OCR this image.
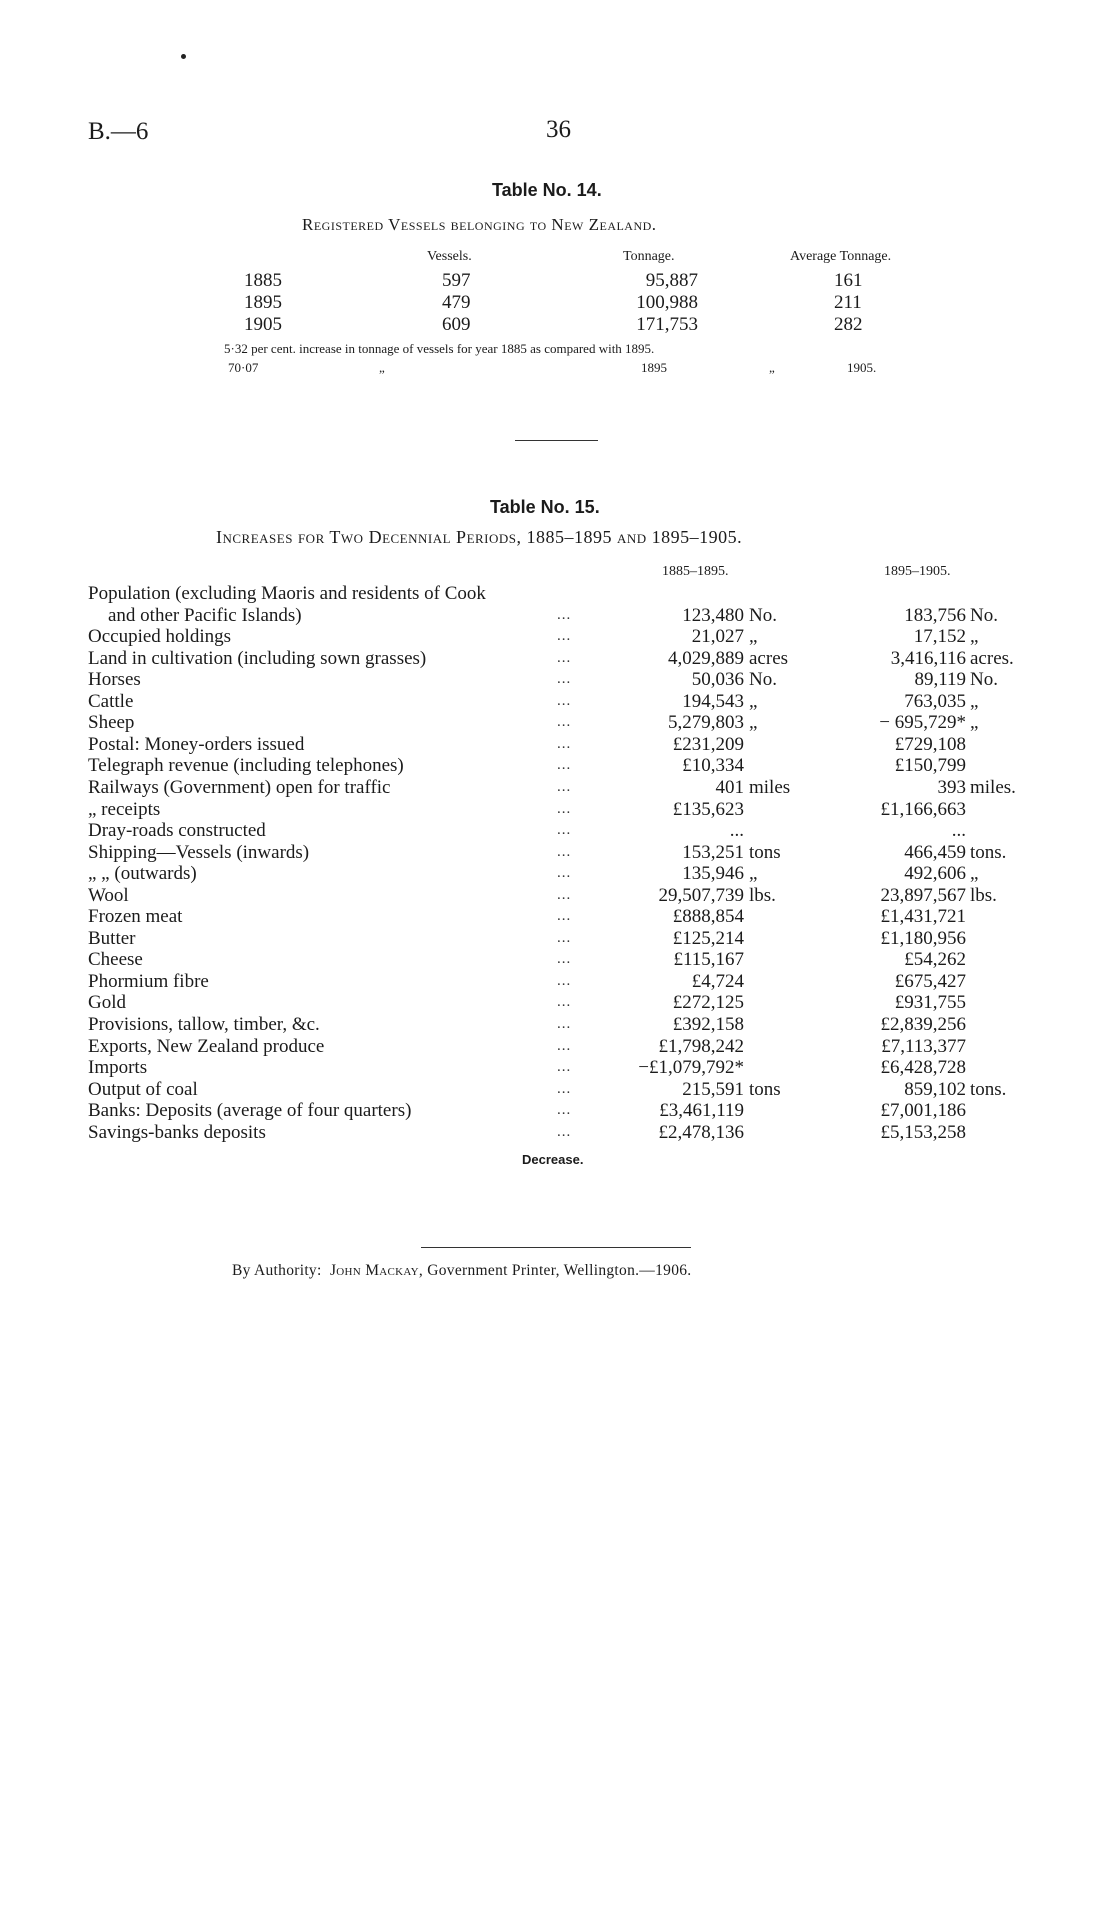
B.—6	36
Table No. 14.
Registered Vessels belonging to New Zealand.
Vessels.	Tonnage.	Average Tonnage.
1885	597	95,887	161
1895	479	100,988	211
1905	609	171,753	282
5·32 per cent. increase in tonnage of vessels for year 1885 as compared with 1895.
70·07	„	1895	„	1905.
Table No. 15.
Increases for Two Decennial Periods, 1885–1895 and 1895–1905.
1885–1895.	1895–1905.
Population (excluding Maoris and residents of Cook
and other Pacific Islands)	...	123,480 No.	183,756 No.
Occupied holdings	...	21,027 „	17,152 „
Land in cultivation (including sown grasses)	...	4,029,889 acres	3,416,116 acres.
Horses	...	50,036 No.	89,119 No.
Cattle	...	194,543 „	763,035 „
Sheep	...	5,279,803 „	− 695,729* „
Postal: Money-orders issued	...	£231,209	£729,108
Telegraph revenue (including telephones)	...	£10,334	£150,799
Railways (Government) open for traffic	...	401 miles	393 miles.
„ receipts	...	£135,623	£1,166,663
Dray-roads constructed	...	...	...
Shipping—Vessels (inwards)	...	153,251 tons	466,459 tons.
„ „ (outwards)	...	135,946 „	492,606 „
Wool	...	29,507,739 lbs.	23,897,567 lbs.
Frozen meat	...	£888,854	£1,431,721
Butter	...	£125,214	£1,180,956
Cheese	...	£115,167	£54,262
Phormium fibre	...	£4,724	£675,427
Gold	...	£272,125	£931,755
Provisions, tallow, timber, &c.	...	£392,158	£2,839,256
Exports, New Zealand produce	...	£1,798,242	£7,113,377
Imports	...	−£1,079,792*	£6,428,728
Output of coal	...	215,591 tons	859,102 tons.
Banks: Deposits (average of four quarters)	...	£3,461,119	£7,001,186
Savings-banks deposits	...	£2,478,136	£5,153,258
Decrease.
By Authority: John Mackay, Government Printer, Wellington.—1906.
